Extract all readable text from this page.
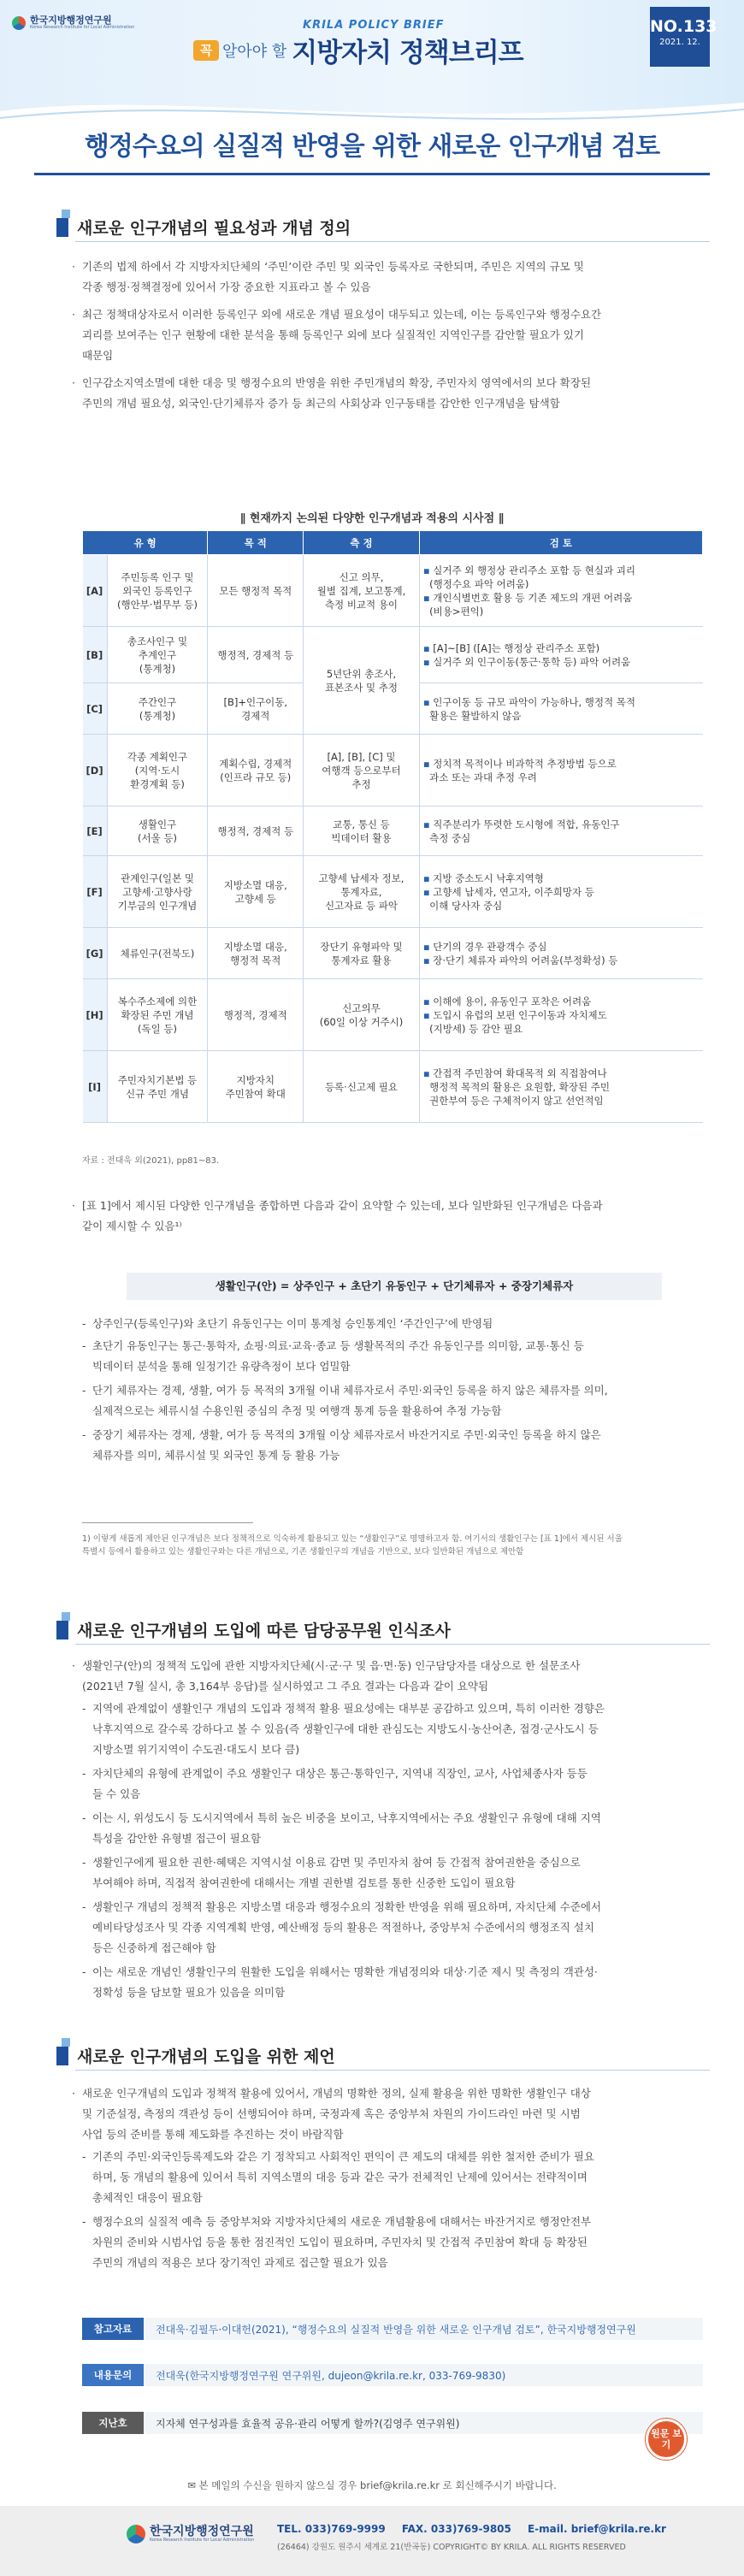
한국지방행정연구원
Korea Research Institute for Local Administration	KRILA POLICY BRIEF
꼭 알아야 할 지방자치 정책브리프
NO.133
2021. 12.
행정수요의 실질적 반영을 위한 새로운 인구개념 검토
새로운 인구개념의 필요성과 개념 정의
· 기존의 법제 하에서 각 지방자치단체의 ‘주민’이란 주민 및 외국인 등록자로 국한되며, 주민은 지역의 규모 및
각종 행정·정책결정에 있어서 가장 중요한 지표라고 볼 수 있음
· 최근 정책대상자로서 이러한 등록인구 외에 새로운 개념 필요성이 대두되고 있는데, 이는 등록인구와 행정수요간
괴리를 보여주는 인구 현황에 대한 분석을 통해 등록인구 외에 보다 실질적인 지역인구를 감안할 필요가 있기
때문임
· 인구감소지역소멸에 대한 대응 및 행정수요의 반영을 위한 주민개념의 확장, 주민자치 영역에서의 보다 확장된
주민의 개념 필요성, 외국인·단기체류자 증가 등 최근의 사회상과 인구동태를 감안한 인구개념을 탐색함
∥ 현재까지 논의된 다양한 인구개념과 적용의 시사점 ∥
유 형		목 적	측 정	검 토
[A]	주민등록 인구 및
외국인 등록인구
(행안부·법무부 등)	모든 행정적 목적	신고 의무,
월별 집계, 보고통계,
측정 비교적 용이	▪ 실거주 외 행정상 관리주소 포함 등 현실과 괴리
(행정수요 파악 어려움)
▪ 개인식별번호 활용 등 기존 제도의 개편 어려움
(비용>편익)
[B]	총조사인구 및
추계인구
(통계청)	행정적, 경제적 등	5년단위 총조사,
표본조사 및 추정	▪ [A]~[B] ([A]는 행정상 관리주소 포함)
▪ 실거주 외 인구이동(통근·통학 등) 파악 어려움
[C]	주간인구
(통계청)	[B]+인구이동,
경제적		▪ 인구이동 등 규모 파악이 가능하나, 행정적 목적
활용은 활발하지 않음
[D]	각종 계획인구
(지역·도시
환경계획 등)	계획수립, 경제적
(인프라 규모 등)	[A], [B], [C] 및
여행객 등으로부터
추정	▪ 정치적 목적이나 비과학적 추정방법 등으로
과소 또는 과대 추정 우려
[E]	생활인구
(서울 등)	행정적, 경제적 등	교통, 통신 등
빅데이터 활용	▪ 직주분리가 뚜렷한 도시형에 적합, 유동인구
측정 중심
[F]	관계인구(일본 및
고향세·고향사랑
기부금의 인구개념	지방소멸 대응,
고향세 등	고향세 납세자 정보,
통계자료,
신고자료 등 파악	▪ 지방 중소도시 낙후지역형
▪ 고향세 납세자, 연고자, 이주희망자 등
이해 당사자 중심
[G]	체류인구(전북도)	지방소멸 대응,
행정적 목적	장단기 유형파악 및
통계자료 활용	▪ 단기의 경우 관광객수 중심
▪ 장·단기 체류자 파악의 어려움(부정확성) 등
[H]	복수주소제에 의한
확장된 주민 개념
(독일 등)	행정적, 경제적	신고의무
(60일 이상 거주시)	▪ 이해에 용이, 유동인구 포착은 어려움
▪ 도입시 유럽의 보편 인구이동과 자치제도
(지방세) 등 감안 필요
[I]	주민자치기본법 등
신규 주민 개념	지방자치
주민참여 확대	등록·신고제 필요	▪ 간접적 주민참여 확대목적 외 직접참여나
행정적 목적의 활용은 요원함, 확장된 주민
권한부여 등은 구체적이지 않고 선언적임
자료 : 전대욱 외(2021), pp81~83.
· [표 1]에서 제시된 다양한 인구개념을 종합하면 다음과 같이 요약할 수 있는데, 보다 일반화된 인구개념은 다음과
같이 제시할 수 있음¹⁾
생활인구(안) = 상주인구 + 초단기 유동인구 + 단기체류자 + 중장기체류자
- 상주인구(등록인구)와 초단기 유동인구는 이미 통계청 승인통계인 ‘주간인구’에 반영됨
- 초단기 유동인구는 통근·통학자, 쇼핑·의료·교육·종교 등 생활목적의 주간 유동인구를 의미함, 교통·통신 등
빅데이터 분석을 통해 일정기간 유량측정이 보다 엄밀함
- 단기 체류자는 경제, 생활, 여가 등 목적의 3개월 이내 체류자로서 주민·외국인 등록을 하지 않은 체류자를 의미,
실제적으로는 체류시설 수용인원 중심의 추정 및 여행객 통계 등을 활용하여 추정 가능함
- 중장기 체류자는 경제, 생활, 여가 등 목적의 3개월 이상 체류자로서 바잔거지로 주민·외국인 등록을 하지 않은
체류자를 의미, 체류시설 및 외국인 통계 등 활용 가능
1) 이렇게 새롭게 제안된 인구개념은 보다 정책적으로 익숙하게 활용되고 있는 “생활인구”로 명명하고자 함. 여기서의 생활인구는 [표 1]에서 제시된 서울
특별시 등에서 활용하고 있는 생활인구와는 다른 개념으로, 기존 생활인구의 개념을 기반으로, 보다 일반화된 개념으로 제안함
새로운 인구개념의 도입에 따른 담당공무원 인식조사
· 생활인구(안)의 정책적 도입에 관한 지방자치단체(시·군·구 및 읍·면·동) 인구담당자를 대상으로 한 설문조사
(2021년 7월 실시, 총 3,164부 응답)를 실시하였고 그 주요 결과는 다음과 같이 요약됨
- 지역에 관계없이 생활인구 개념의 도입과 정책적 활용 필요성에는 대부분 공감하고 있으며, 특히 이러한 경향은
낙후지역으로 갈수록 강하다고 볼 수 있음(즉 생활인구에 대한 관심도는 지방도시·농산어촌, 접경·군사도시 등
지방소멸 위기지역이 수도권·대도시 보다 큼)
- 자치단체의 유형에 관계없이 주요 생활인구 대상은 통근·통학인구, 지역내 직장인, 교사, 사업체종사자 등등
들 수 있음
- 이는 시, 위성도시 등 도시지역에서 특히 높은 비중을 보이고, 낙후지역에서는 주요 생활인구 유형에 대해 지역
특성을 감안한 유형별 접근이 필요함
- 생활인구에게 필요한 권한·혜택은 지역시설 이용료 감면 및 주민자치 참여 등 간접적 참여권한을 중심으로
부여해야 하며, 직접적 참여권한에 대해서는 개별 권한별 검토를 통한 신중한 도입이 필요함
- 생활인구 개념의 정책적 활용은 지방소멸 대응과 행정수요의 정확한 반영을 위해 필요하며, 자치단체 수준에서
예비타당성조사 및 각종 지역계획 반영, 예산배정 등의 활용은 적절하나, 중앙부처 수준에서의 행정조직 설치
등은 신중하게 접근해야 함
- 이는 새로운 개념인 생활인구의 원활한 도입을 위해서는 명확한 개념정의와 대상·기준 제시 및 측정의 객관성·
정확성 등을 담보할 필요가 있음을 의미함
새로운 인구개념의 도입을 위한 제언
· 새로운 인구개념의 도입과 정책적 활용에 있어서, 개념의 명확한 정의, 실제 활용을 위한 명확한 생활인구 대상
및 기준설정, 측정의 객관성 등이 선행되어야 하며, 국정과제 혹은 중앙부처 차원의 가이드라인 마련 및 시범
사업 등의 준비를 통해 제도화를 추진하는 것이 바람직함
- 기존의 주민·외국인등록제도와 같은 기 정착되고 사회적인 편익이 큰 제도의 대체를 위한 철저한 준비가 필요
하며, 동 개념의 활용에 있어서 특히 지역소멸의 대응 등과 같은 국가 전체적인 난제에 있어서는 전략적이며
총체적인 대응이 필요함
- 행정수요의 실질적 예측 등 중앙부처와 지방자치단체의 새로운 개념활용에 대해서는 바잔거지로 행정안전부
차원의 준비와 시범사업 등을 통한 점진적인 도입이 필요하며, 주민자치 및 간접적 주민참여 확대 등 확장된
주민의 개념의 적용은 보다 장기적인 과제로 접근할 필요가 있음
참고자료	전대욱·김필두·이대헌(2021), “행정수요의 실질적 반영을 위한 새로운 인구개념 검토”, 한국지방행정연구원
내용문의	전대욱(한국지방행정연구원 연구위원, dujeon@krila.re.kr, 033-769-9830)
지난호	지자체 연구성과를 효율적 공유·관리 어떻게 할까?(김영주 연구위원)
원문 보기
✉ 본 메일의 수신을 원하지 않으실 경우 brief@krila.re.kr 로 회신해주시기 바랍니다.
한국지방행정연구원
Korea Research Institute for Local Administration
TEL. 033)769-9999 FAX. 033)769-9805 E-mail. brief@krila.re.kr
(26464) 강원도 원주시 세계로 21(반곡동) COPYRIGHT© BY KRILA. ALL RIGHTS RESERVED
